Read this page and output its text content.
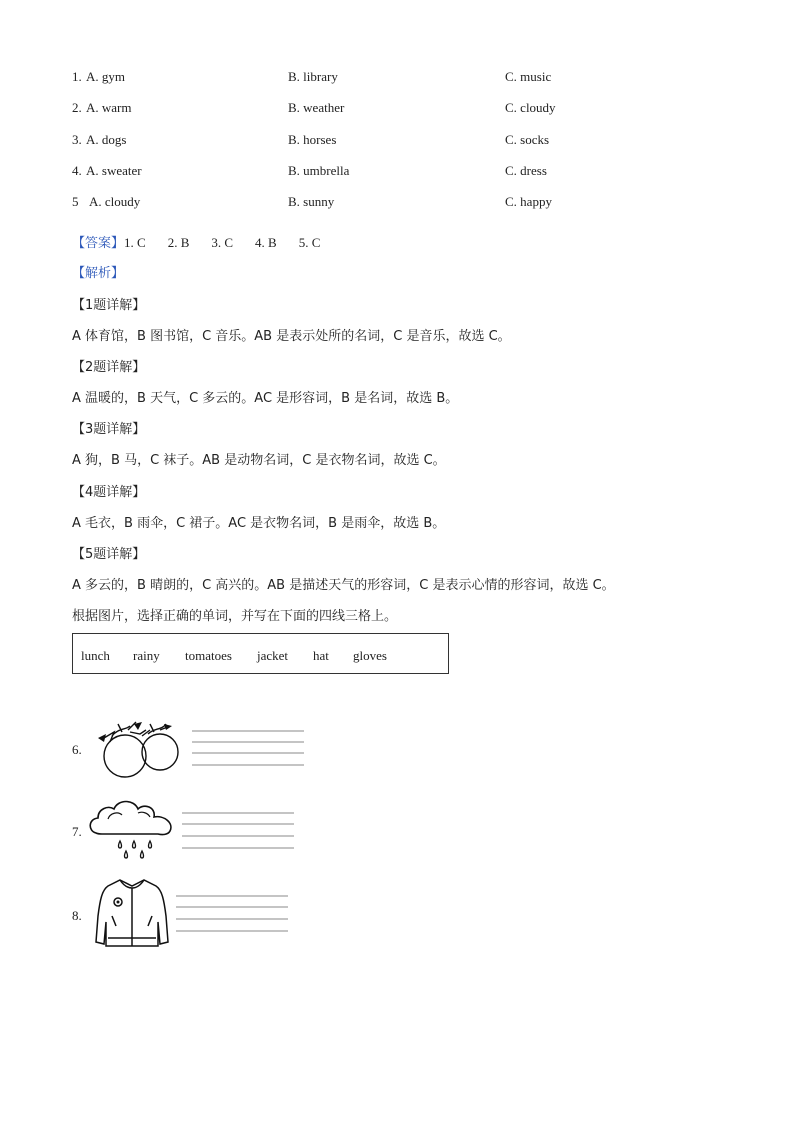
1. A. gym	B. library	C. music
2. A. warm	B. weather	C. cloudy
3. A. dogs	B. horses	C. socks
4. A. sweater	B. umbrella	C. dress
5 A. cloudy	B. sunny	C. happy
【答案】1. C 2. B 3. C 4. B 5. C
【解析】
【1题详解】
A 体育馆，B 图书馆，C 音乐。AB 是表示处所的名词，C 是音乐，故选 C。
【2题详解】
A 温暖的，B 天气，C 多云的。AC 是形容词，B 是名词，故选 B。
【3题详解】
A 狗，B 马，C 袜子。AB 是动物名词，C 是衣物名词，故选 C。
【4题详解】
A 毛衣，B 雨伞，C 裙子。AC 是衣物名词，B 是雨伞，故选 B。
【5题详解】
A 多云的，B 晴朗的，C 高兴的。AB 是描述天气的形容词，C 是表示心情的形容词，故选 C。
根据图片，选择正确的单词，并写在下面的四线三格上。
lunch rainy tomatoes jacket hat gloves
6.
7.
8.
